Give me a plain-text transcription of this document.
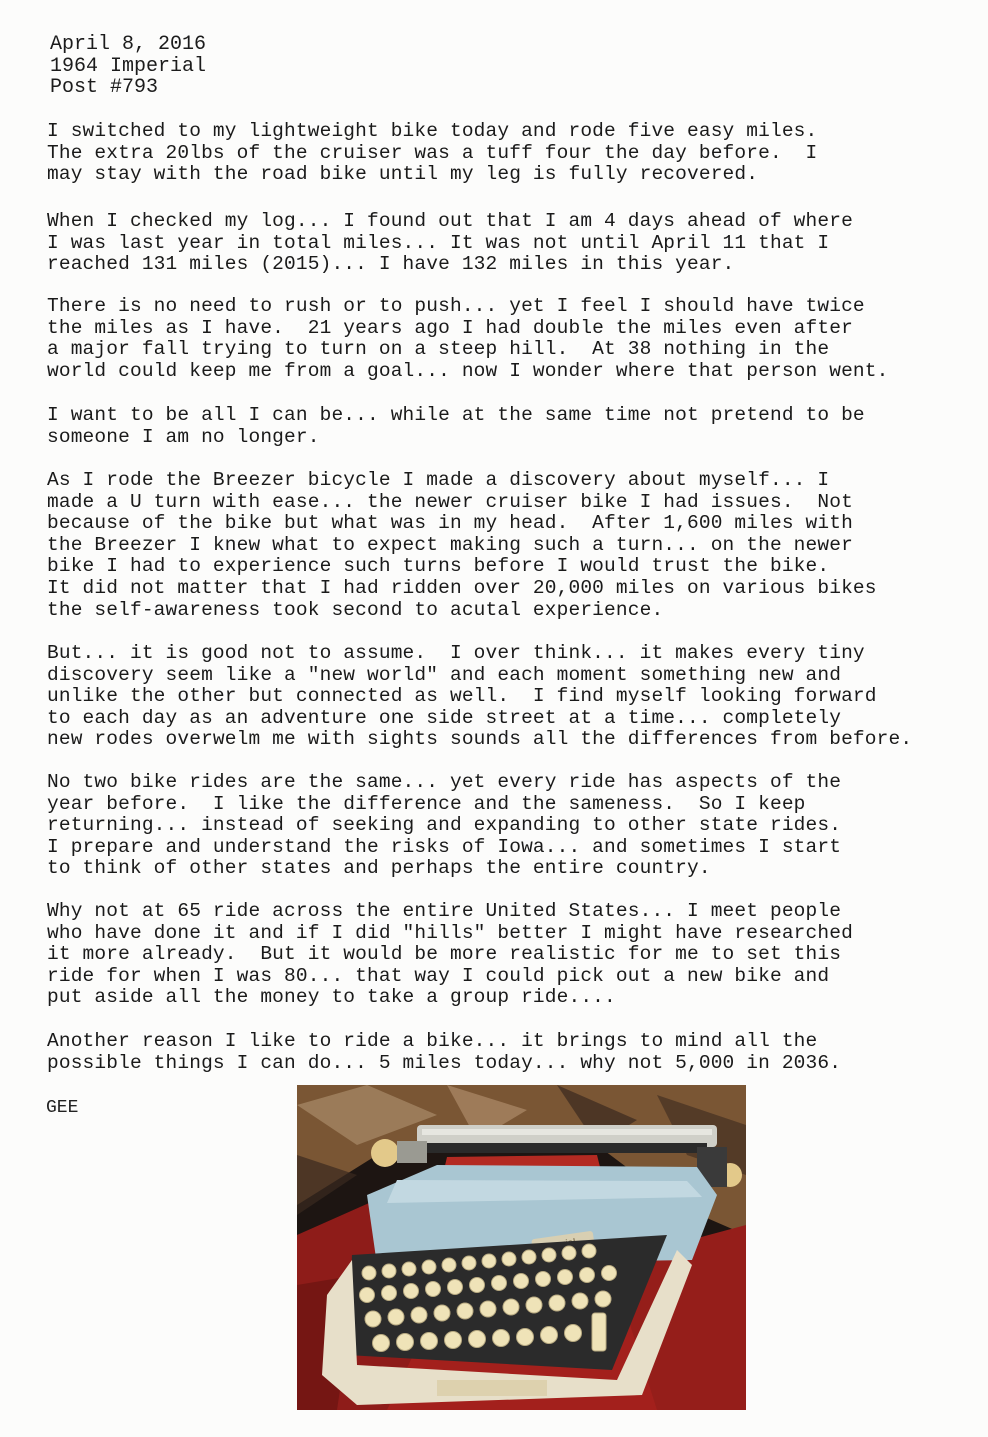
April 8, 2016
1964 Imperial
Post #793
I switched to my lightweight bike today and rode five easy miles.
The extra 20lbs of the cruiser was a tuff four the day before.  I
may stay with the road bike until my leg is fully recovered.
When I checked my log... I found out that I am 4 days ahead of where
I was last year in total miles... It was not until April 11 that I
reached 131 miles (2015)... I have 132 miles in this year.
There is no need to rush or to push... yet I feel I should have twice
the miles as I have.  21 years ago I had double the miles even after
a major fall trying to turn on a steep hill.  At 38 nothing in the
world could keep me from a goal... now I wonder where that person went.
I want to be all I can be... while at the same time not pretend to be
someone I am no longer.
As I rode the Breezer bicycle I made a discovery about myself... I
made a U turn with ease... the newer cruiser bike I had issues.  Not
because of the bike but what was in my head.  After 1,600 miles with
the Breezer I knew what to expect making such a turn... on the newer
bike I had to experience such turns before I would trust the bike.
It did not matter that I had ridden over 20,000 miles on various bikes
the self-awareness took second to acutal experience.
But... it is good not to assume.  I over think... it makes every tiny
discovery seem like a "new world" and each moment something new and
unlike the other but connected as well.  I find myself looking forward
to each day as an adventure one side street at a time... completely
new rodes overwelm me with sights sounds all the differences from before.
No two bike rides are the same... yet every ride has aspects of the
year before.  I like the difference and the sameness.  So I keep
returning... instead of seeking and expanding to other state rides.
I prepare and understand the risks of Iowa... and sometimes I start
to think of other states and perhaps the entire country.
Why not at 65 ride across the entire United States... I meet people
who have done it and if I did "hills" better I might have researched
it more already.  But it would be more realistic for me to set this
ride for when I was 80... that way I could pick out a new bike and
put aside all the money to take a group ride....
Another reason I like to ride a bike... it brings to mind all the
possible things I can do... 5 miles today... why not 5,000 in 2036.
GEE
